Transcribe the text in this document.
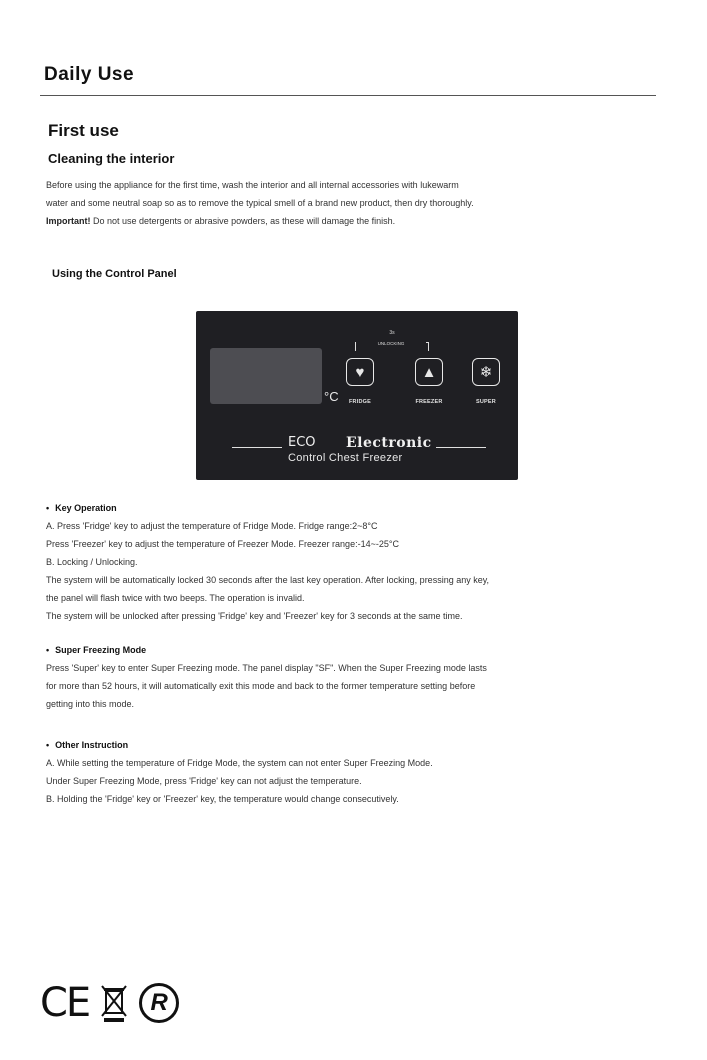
Daily Use
First use
Cleaning the interior

Before using the appliance for the first time, wash the interior and all internal accessories with lukewarm

water and some neutral soap so as to remove the typical smell of a brand new product, then dry thoroughly.

Important! Do not use detergents or abrasive powders, as these will damage the finish.

Using the Control Panel
°C
3s
UNLOCKING
♥
FRIDGE
▲
FREEZER
❄
SUPER
ECO Electronic
Control Chest Freezer
• Key Operation

A. Press 'Fridge' key to adjust the temperature of Fridge Mode. Fridge range:2~8°C

Press 'Freezer' key to adjust the temperature of Freezer Mode. Freezer range:-14~-25°C

B. Locking / Unlocking.

The system will be automatically locked 30 seconds after the last key operation. After locking, pressing any key,

the panel will flash twice with two beeps. The operation is invalid.

The system will be unlocked after pressing 'Fridge' key and 'Freezer' key for 3 seconds at the same time.

• Super Freezing Mode

Press 'Super' key to enter Super Freezing mode. The panel display "SF". When the Super Freezing mode lasts

for more than 52 hours, it will automatically exit this mode and back to the former temperature setting before

getting into this mode.

• Other Instruction

A. While setting the temperature of Fridge Mode, the system can not enter Super Freezing Mode.

Under Super Freezing Mode, press 'Fridge' key can not adjust the temperature.

B. Holding the 'Fridge' key or 'Freezer' key, the temperature would change consecutively.

CE	R
